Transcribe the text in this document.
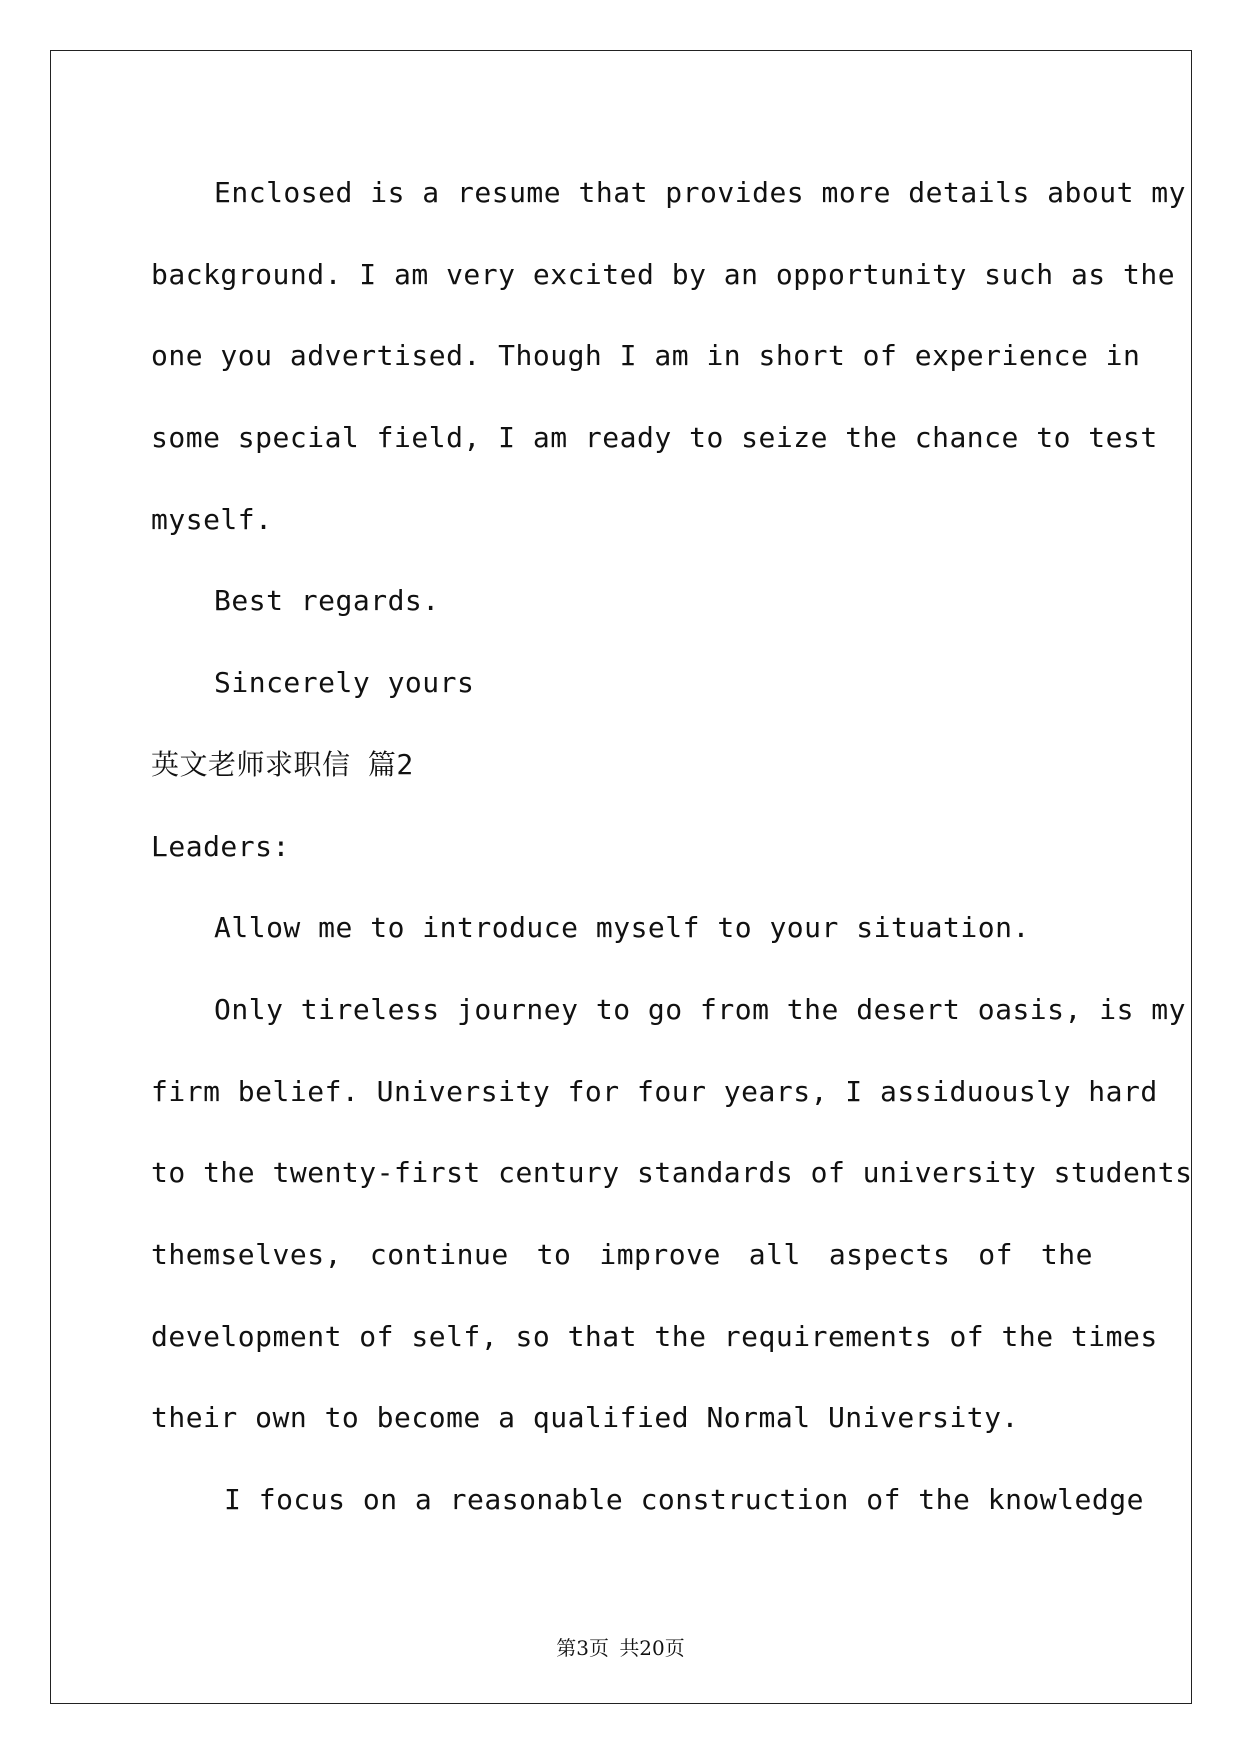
Enclosed is a resume that provides more details about my
background. I am very excited by an opportunity such as the
one you advertised. Though I am in short of experience in
some special field, I am ready to seize the chance to test
myself.
Best regards.
Sincerely yours
英文老师求职信 篇2
Leaders:
Allow me to introduce myself to your situation.
Only tireless journey to go from the desert oasis, is my
firm belief. University for four years, I assiduously hard
to the twenty-first century standards of university students
themselves, continue to improve all aspects of the
development of self, so that the requirements of the times
their own to become a qualified Normal University.
I focus on a reasonable construction of the knowledge
第3页 共20页
